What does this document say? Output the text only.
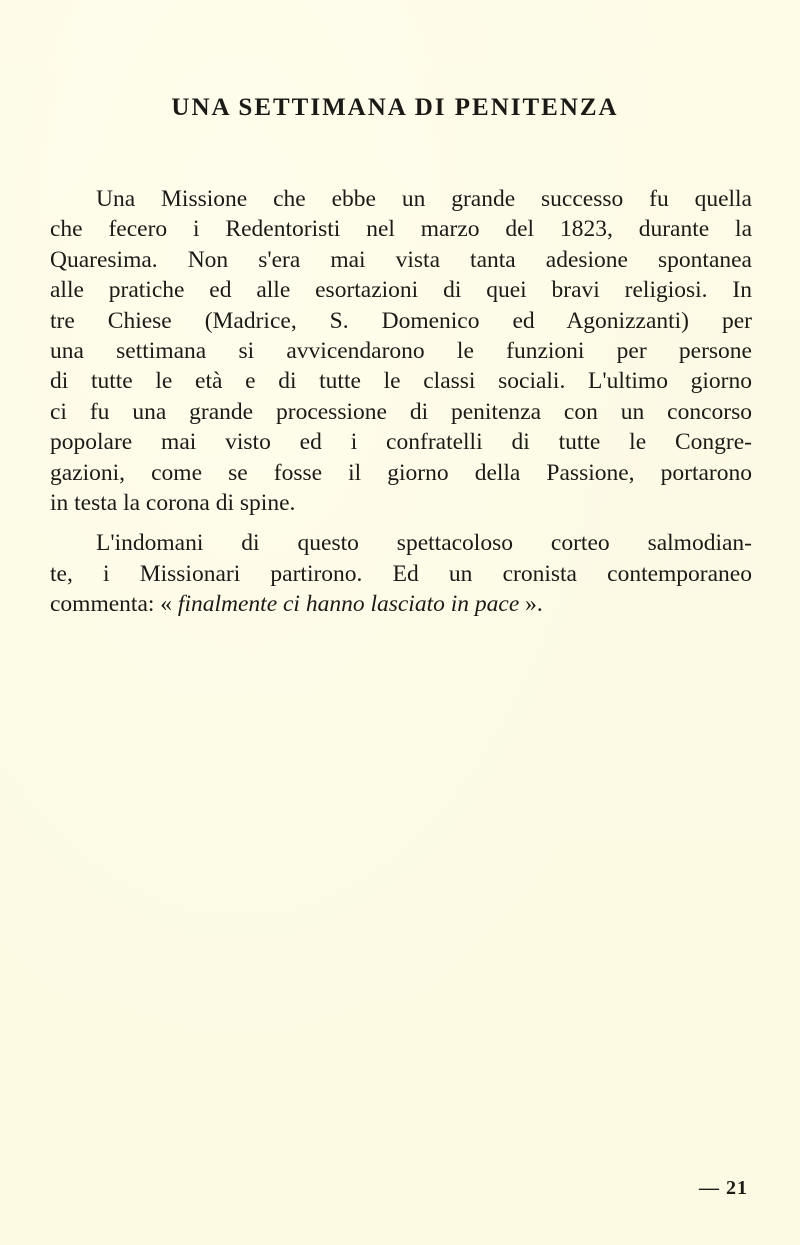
UNA SETTIMANA DI PENITENZA
Una Missione che ebbe un grande successo fu quella
che fecero i Redentoristi nel marzo del 1823, durante la
Quaresima. Non s'era mai vista tanta adesione spontanea
alle pratiche ed alle esortazioni di quei bravi religiosi. In
tre Chiese (Madrice, S. Domenico ed Agonizzanti) per
una settimana si avvicendarono le funzioni per persone
di tutte le età e di tutte le classi sociali. L'ultimo giorno
ci fu una grande processione di penitenza con un concorso
popolare mai visto ed i confratelli di tutte le Congre-
gazioni, come se fosse il giorno della Passione, portarono
in testa la corona di spine.
L'indomani di questo spettacoloso corteo salmodian-
te, i Missionari partirono. Ed un cronista contemporaneo
commenta: « finalmente ci hanno lasciato in pace ».
— 21
